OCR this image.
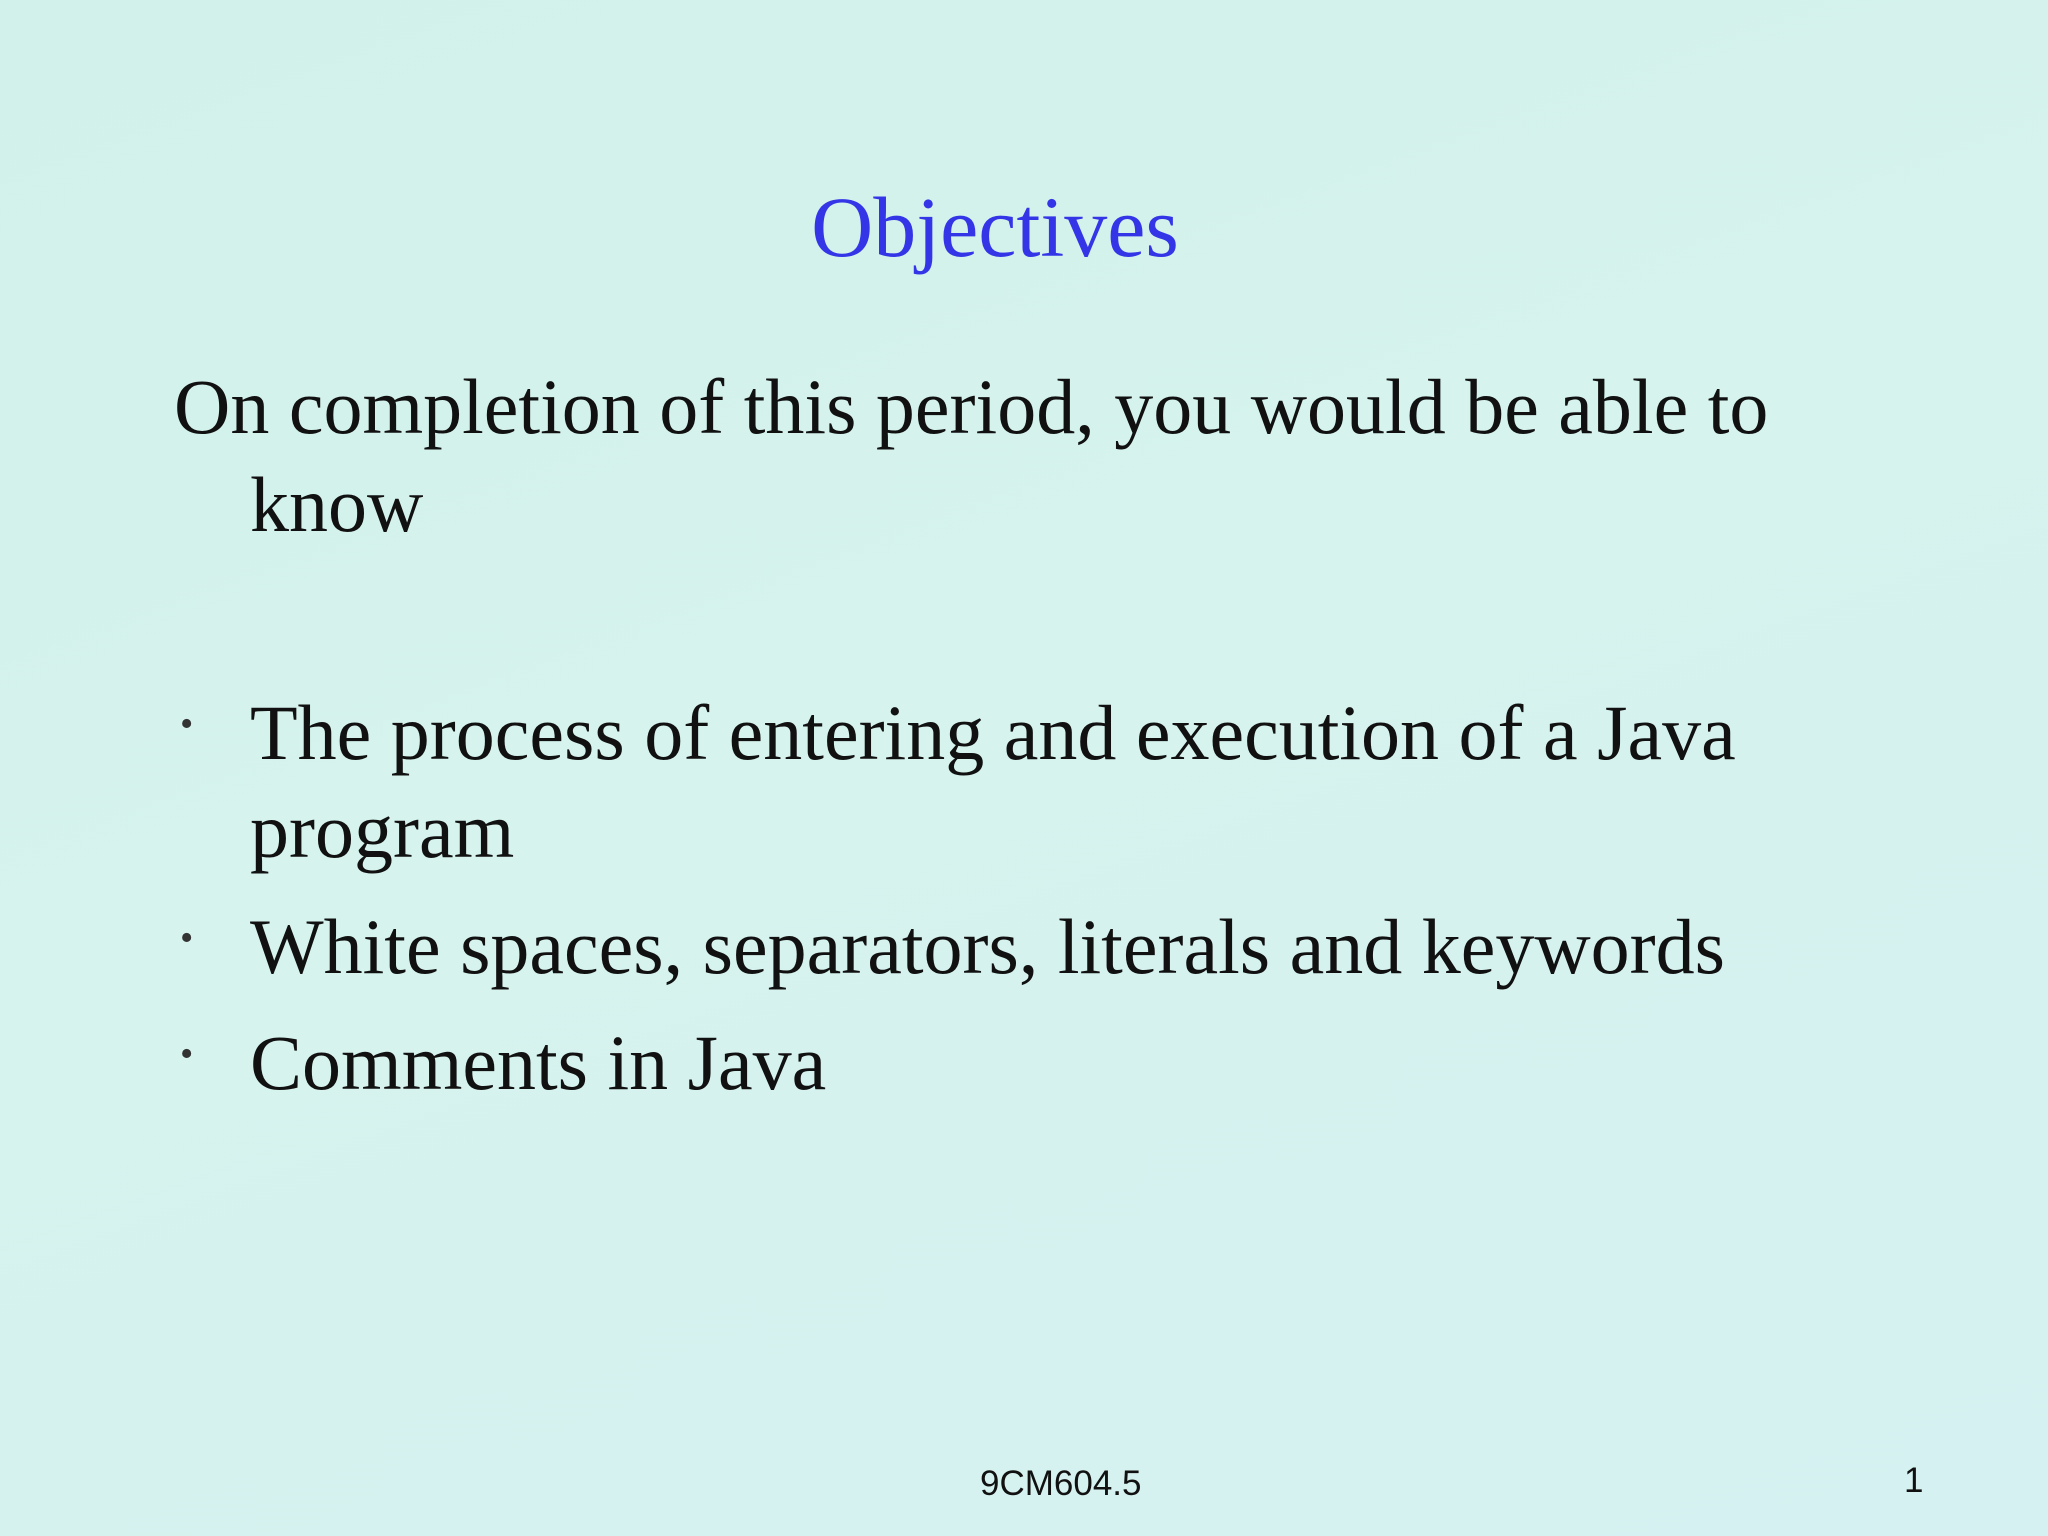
Objectives
On completion of this period, you would be able to know
• The process of entering and execution of a Java program
• White spaces, separators, literals and keywords
• Comments in Java
9CM604.5	1
